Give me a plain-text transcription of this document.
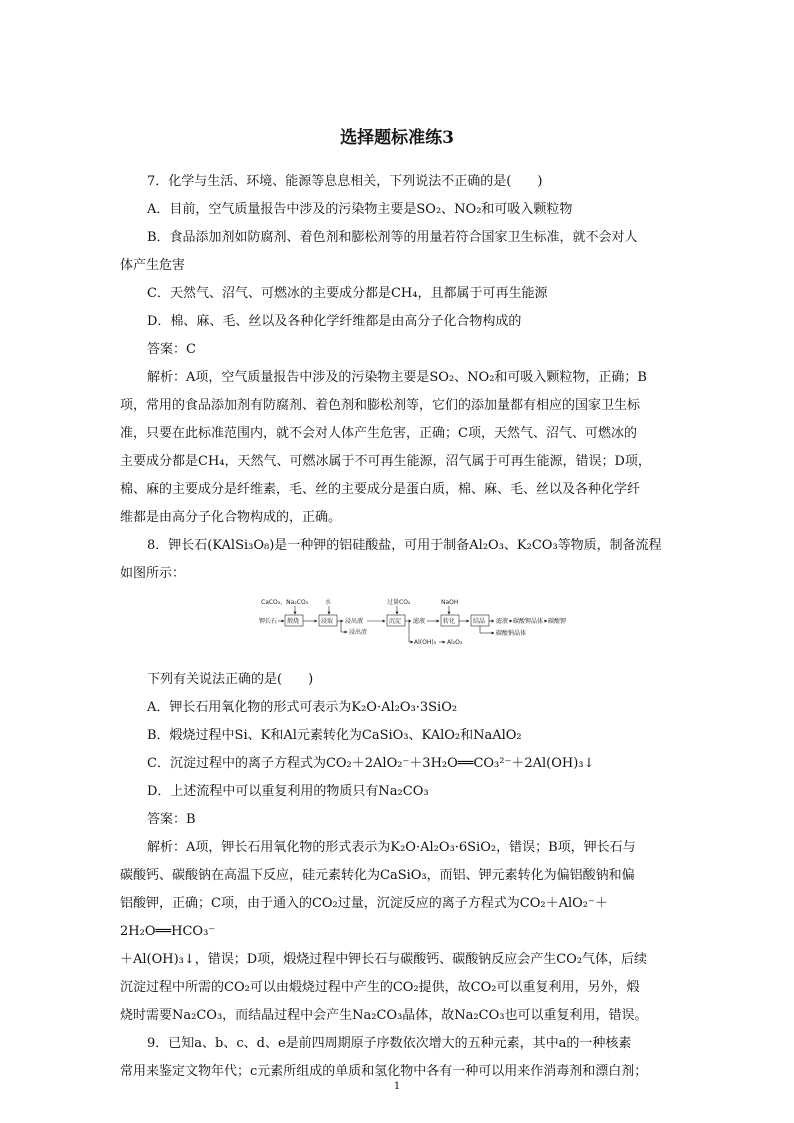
选择题标准练3

7．化学与生活、环境、能源等息息相关，下列说法不正确的是(　　)

A．目前，空气质量报告中涉及的污染物主要是SO₂、NO₂和可吸入颗粒物

B．食品添加剂如防腐剂、着色剂和膨松剂等的用量若符合国家卫生标准，就不会对人

体产生危害

C．天然气、沼气、可燃冰的主要成分都是CH₄，且都属于可再生能源

D．棉、麻、毛、丝以及各种化学纤维都是由高分子化合物构成的

答案：C

解析：A项，空气质量报告中涉及的污染物主要是SO₂、NO₂和可吸入颗粒物，正确；B

项，常用的食品添加剂有防腐剂、着色剂和膨松剂等，它们的添加量都有相应的国家卫生标

准，只要在此标准范围内，就不会对人体产生危害，正确；C项，天然气、沼气、可燃冰的

主要成分都是CH₄，天然气、可燃冰属于不可再生能源，沼气属于可再生能源，错误；D项，

棉、麻的主要成分是纤维素，毛、丝的主要成分是蛋白质，棉、麻、毛、丝以及各种化学纤

维都是由高分子化合物构成的，正确。

8．钾长石(KAlSi₃O₈)是一种钾的铝硅酸盐，可用于制备Al₂O₃、K₂CO₃等物质，制备流程

如图所示：

CaCO₃、Na₂CO₃	水	过量CO₂	NaOH
钾长石 煅烧	浸取 浸出液
浸出渣
沉淀 滤液	转化	结晶 滤液 碳酸钾晶体 碳酸钾
碳酸钠晶体
Al(OH)₃ Al₂O₃

下列有关说法正确的是(　　)

A．钾长石用氧化物的形式可表示为K₂O·Al₂O₃·3SiO₂

B．煅烧过程中Si、K和Al元素转化为CaSiO₃、KAlO₂和NaAlO₂

C．沉淀过程中的离子方程式为CO₂＋2AlO₂⁻＋3H₂O══CO₃²⁻＋2Al(OH)₃↓

D．上述流程中可以重复利用的物质只有Na₂CO₃

答案：B

解析：A项，钾长石用氧化物的形式表示为K₂O·Al₂O₃·6SiO₂，错误；B项，钾长石与

碳酸钙、碳酸钠在高温下反应，硅元素转化为CaSiO₃，而铝、钾元素转化为偏铝酸钠和偏

铝酸钾，正确；C项，由于通入的CO₂过量，沉淀反应的离子方程式为CO₂＋AlO₂⁻＋2H₂O══HCO₃⁻

＋Al(OH)₃↓，错误；D项，煅烧过程中钾长石与碳酸钙、碳酸钠反应会产生CO₂气体，后续

沉淀过程中所需的CO₂可以由煅烧过程中产生的CO₂提供，故CO₂可以重复利用，另外，煅

烧时需要Na₂CO₃，而结晶过程中会产生Na₂CO₃晶体，故Na₂CO₃也可以重复利用，错误。

9．已知a、b、c、d、e是前四周期原子序数依次增大的五种元素，其中a的一种核素

常用来鉴定文物年代；c元素所组成的单质和氢化物中各有一种可以用来作消毒剂和漂白剂；

1
